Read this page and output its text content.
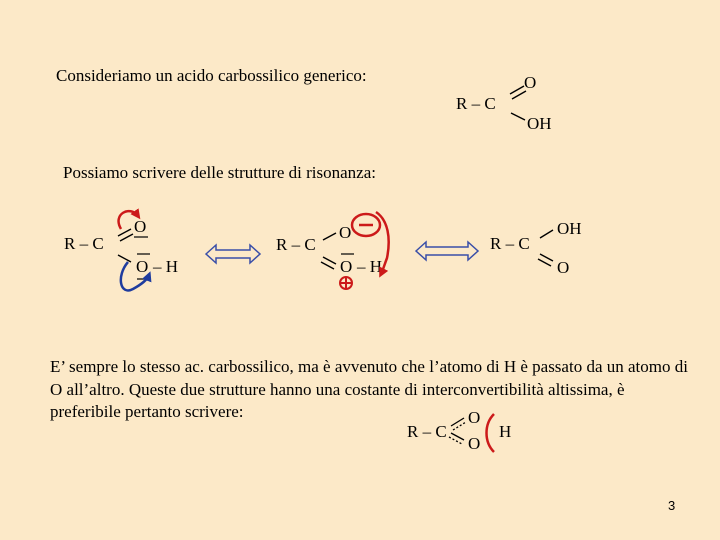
Consideriamo un acido carbossilico generico:
Possiamo scrivere delle strutture di risonanza:
E’ sempre lo stesso ac. carbossilico, ma è avvenuto che l’atomo di H è passato da un atomo di O all’altro. Queste due strutture hanno una costante di interconvertibilità altissima, è preferibile pertanto scrivere:
R – C
O
OH
R – C
O
O – H
R – C
O
O – H
R – C
OH
O
R – C
O
O
H
3
